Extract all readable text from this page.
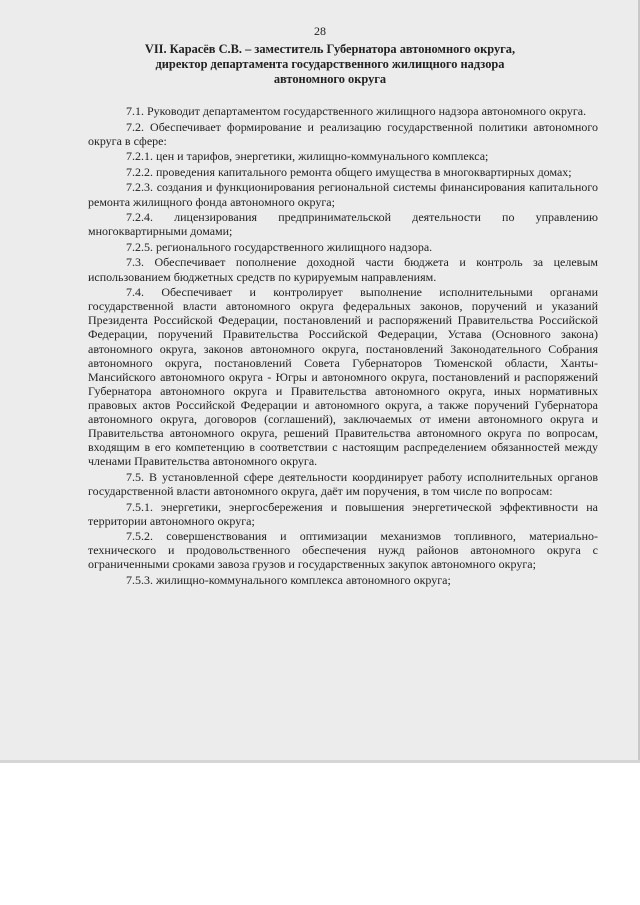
28
VII. Карасёв С.В. – заместитель Губернатора автономного округа,
директор департамента государственного жилищного надзора
автономного округа

7.1. Руководит департаментом государственного жилищного надзора автономного округа.

7.2. Обеспечивает формирование и реализацию государственной политики автономного округа в сфере:

7.2.1. цен и тарифов, энергетики, жилищно-коммунального комплекса;

7.2.2. проведения капитального ремонта общего имущества в многоквартирных домах;

7.2.3. создания и функционирования региональной системы финансирования капитального ремонта жилищного фонда автономного округа;

7.2.4. лицензирования предпринимательской деятельности по управлению многоквартирными домами;

7.2.5. регионального государственного жилищного надзора.

7.3. Обеспечивает пополнение доходной части бюджета и контроль за целевым использованием бюджетных средств по курируемым направлениям.

7.4. Обеспечивает и контролирует выполнение исполнительными органами государственной власти автономного округа федеральных законов, поручений и указаний Президента Российской Федерации, постановлений и распоряжений Правительства Российской Федерации, поручений Правительства Российской Федерации, Устава (Основного закона) автономного округа, законов автономного округа, постановлений Законодательного Собрания автономного округа, постановлений Совета Губернаторов Тюменской области, Ханты-Мансийского автономного округа - Югры и автономного округа, постановлений и распоряжений Губернатора автономного округа и Правительства автономного округа, иных нормативных правовых актов Российской Федерации и автономного округа, а также поручений Губернатора автономного округа, договоров (соглашений), заключаемых от имени автономного округа и Правительства автономного округа, решений Правительства автономного округа по вопросам, входящим в его компетенцию в соответствии с настоящим распределением обязанностей между членами Правительства автономного округа.

7.5. В установленной сфере деятельности координирует работу исполнительных органов государственной власти автономного округа, даёт им поручения, в том числе по вопросам:

7.5.1. энергетики, энергосбережения и повышения энергетической эффективности на территории автономного округа;

7.5.2. совершенствования и оптимизации механизмов топливного, материально-технического и продовольственного обеспечения нужд районов автономного округа с ограниченными сроками завоза грузов и государственных закупок автономного округа;

7.5.3. жилищно-коммунального комплекса автономного округа;
